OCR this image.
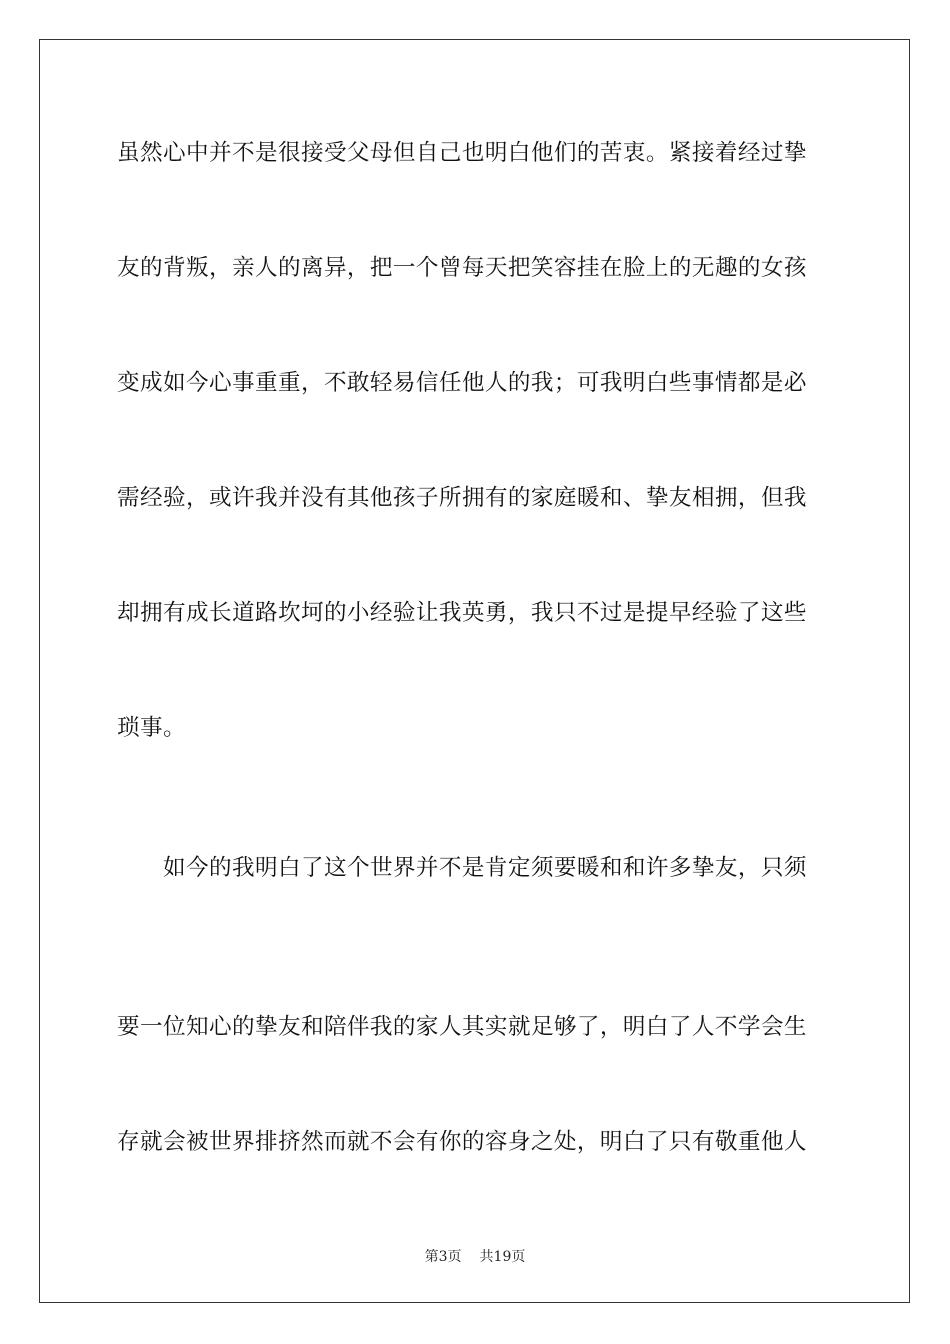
虽然心中并不是很接受父母但自己也明白他们的苦衷。紧接着经过挚
友的背叛，亲人的离异，把一个曾每天把笑容挂在脸上的无趣的女孩
变成如今心事重重，不敢轻易信任他人的我；可我明白些事情都是必
需经验，或许我并没有其他孩子所拥有的家庭暖和、挚友相拥，但我
却拥有成长道路坎坷的小经验让我英勇，我只不过是提早经验了这些
琐事。
如今的我明白了这个世界并不是肯定须要暖和和许多挚友，只须
要一位知心的挚友和陪伴我的家人其实就足够了，明白了人不学会生
存就会被世界排挤然而就不会有你的容身之处，明白了只有敬重他人
第3页 共19页
